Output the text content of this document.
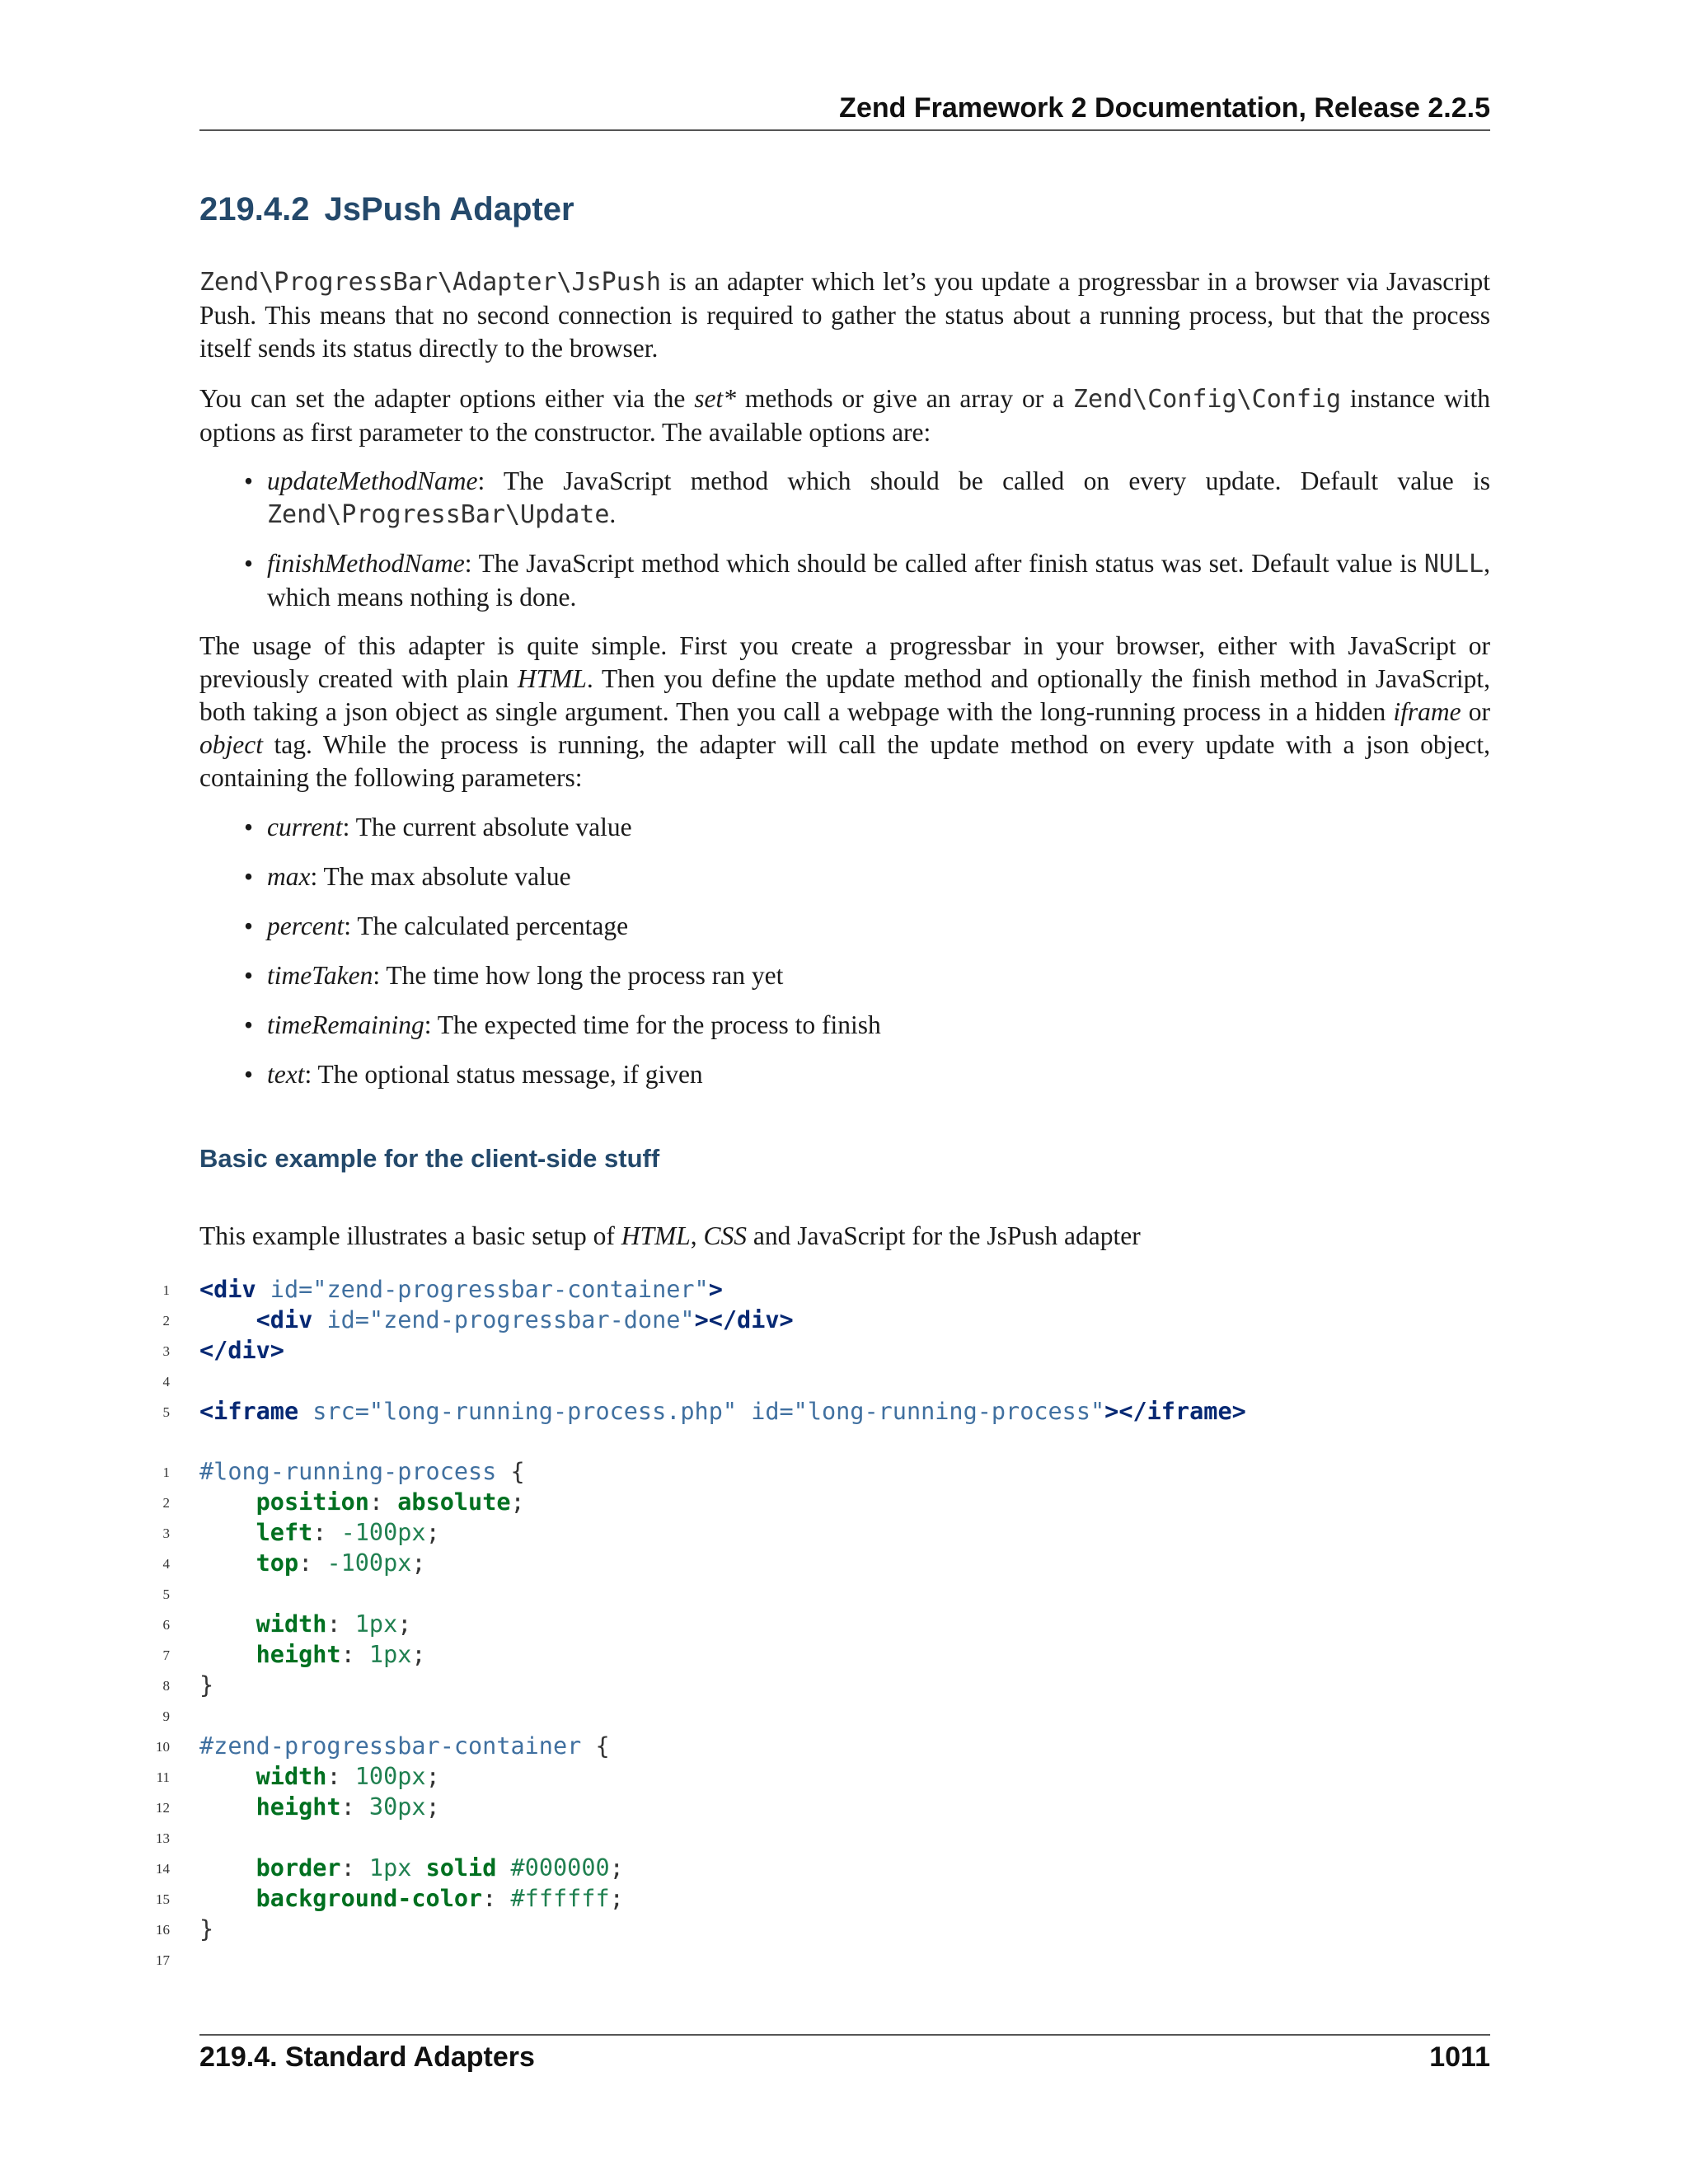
Zend Framework 2 Documentation, Release 2.2.5
219.4.2 JsPush Adapter

Zend\ProgressBar\Adapter\JsPush is an adapter which let’s you update a progressbar in a browser via Javascript Push. This means that no second connection is required to gather the status about a running process, but that the process itself sends its status directly to the browser.

You can set the adapter options either via the set* methods or give an array or a Zend\Config\Config instance with options as first parameter to the constructor. The available options are:

• updateMethodName: The JavaScript method which should be called on every update. Default value is Zend\ProgressBar\Update.
• finishMethodName: The JavaScript method which should be called after finish status was set. Default value is NULL, which means nothing is done.

The usage of this adapter is quite simple. First you create a progressbar in your browser, either with JavaScript or previously created with plain HTML. Then you define the update method and optionally the finish method in JavaScript, both taking a json object as single argument. Then you call a webpage with the long-running process in a hidden iframe or object tag. While the process is running, the adapter will call the update method on every update with a json object, containing the following parameters:

• current: The current absolute value
• max: The max absolute value
• percent: The calculated percentage
• timeTaken: The time how long the process ran yet
• timeRemaining: The expected time for the process to finish
• text: The optional status message, if given
Basic example for the client-side stuff

This example illustrates a basic setup of HTML, CSS and JavaScript for the JsPush adapter

1 <div id="zend-progressbar-container">
2	<div id="zend-progressbar-done"></div>
3 </div>
4
5 <iframe src="long-running-process.php" id="long-running-process"></iframe>
1 #long-running-process {
2	position: absolute;
3	left: -100px;
4	top: -100px;
5
6	width: 1px;
7	height: 1px;
8 }
9
10 #zend-progressbar-container {
11	width: 100px;
12	height: 30px;
13
14	border: 1px solid #000000;
15	background-color: #ffffff;
16 }
17
219.4. Standard Adapters	1011
